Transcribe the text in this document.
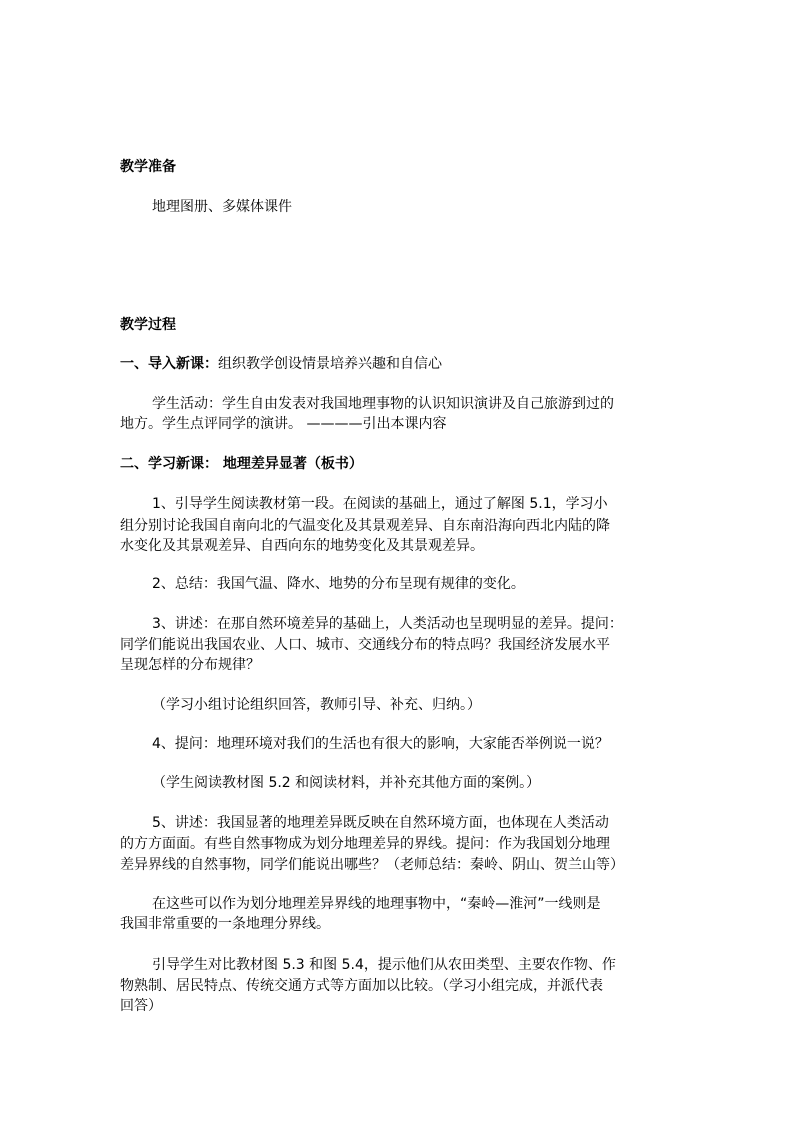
教学准备
地理图册、多媒体课件
教学过程
一、导入新课：组织教学创设情景培养兴趣和自信心
学生活动：学生自由发表对我国地理事物的认识知识演讲及自己旅游到过的
地方。学生点评同学的演讲。 ————引出本课内容
二、学习新课： 地理差异显著（板书）
1、引导学生阅读教材第一段。在阅读的基础上，通过了解图 5.1，学习小
组分别讨论我国自南向北的气温变化及其景观差异、自东南沿海向西北内陆的降
水变化及其景观差异、自西向东的地势变化及其景观差异。
2、总结：我国气温、降水、地势的分布呈现有规律的变化。
3、讲述：在那自然环境差异的基础上，人类活动也呈现明显的差异。提问：
同学们能说出我国农业、人口、城市、交通线分布的特点吗？我国经济发展水平
呈现怎样的分布规律？
（学习小组讨论组织回答，教师引导、补充、归纳。）
4、提问：地理环境对我们的生活也有很大的影响，大家能否举例说一说？
（学生阅读教材图 5.2 和阅读材料，并补充其他方面的案例。）
5、讲述：我国显著的地理差异既反映在自然环境方面，也体现在人类活动
的方方面面。有些自然事物成为划分地理差异的界线。提问：作为我国划分地理
差异界线的自然事物，同学们能说出哪些？（老师总结：秦岭、阴山、贺兰山等）
在这些可以作为划分地理差异界线的地理事物中，“秦岭—淮河”一线则是
我国非常重要的一条地理分界线。
引导学生对比教材图 5.3 和图 5.4，提示他们从农田类型、主要农作物、作
物熟制、居民特点、传统交通方式等方面加以比较。（学习小组完成，并派代表
回答）
